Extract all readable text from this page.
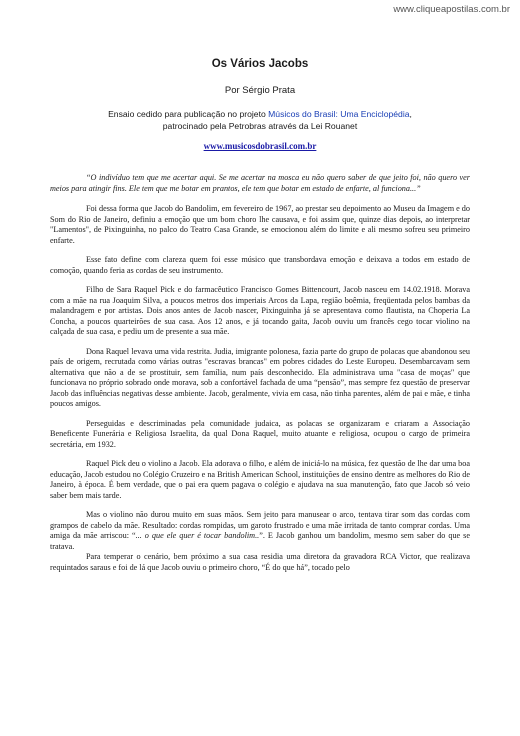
www.cliqueapostilas.com.br
Os Vários Jacobs

Por Sérgio Prata

Ensaio cedido para publicação no projeto Músicos do Brasil: Uma Enciclopédia,
patrocinado pela Petrobras através da Lei Rouanet

www.musicosdobrasil.com.br

“O indivíduo tem que me acertar aqui. Se me acertar na mosca eu não quero saber de que jeito foi, não quero ver meios para atingir fins. Ele tem que me botar em prantos, ele tem que botar em estado de enfarte, al funciona...”

Foi dessa forma que Jacob do Bandolim, em fevereiro de 1967, ao prestar seu depoimento ao Museu da Imagem e do Som do Rio de Janeiro, definiu a emoção que um bom choro lhe causava, e foi assim que, quinze dias depois, ao interpretar "Lamentos", de Pixinguinha, no palco do Teatro Casa Grande, se emocionou além do limite e ali mesmo sofreu seu primeiro enfarte.

Esse fato define com clareza quem foi esse músico que transbordava emoção e deixava a todos em estado de comoção, quando feria as cordas de seu instrumento.

Filho de Sara Raquel Pick e do farmacêutico Francisco Gomes Bittencourt, Jacob nasceu em 14.02.1918. Morava com a mãe na rua Joaquim Silva, a poucos metros dos imperiais Arcos da Lapa, região boêmia, freqüentada pelos bambas da malandragem e por artistas. Dois anos antes de Jacob nascer, Pixinguinha já se apresentava como flautista, na Choperia La Concha, a poucos quarteirões de sua casa. Aos 12 anos, e já tocando gaita, Jacob ouviu um francês cego tocar violino na calçada de sua casa, e pediu um de presente a sua mãe.

Dona Raquel levava uma vida restrita. Judia, imigrante polonesa, fazia parte do grupo de polacas que abandonou seu país de origem, recrutada como várias outras "escravas brancas" em pobres cidades do Leste Europeu. Desembarcavam sem alternativa que não a de se prostituir, sem família, num país desconhecido. Ela administrava uma "casa de moças" que funcionava no próprio sobrado onde morava, sob a confortável fachada de uma “pensão”, mas sempre fez questão de preservar Jacob das influências negativas desse ambiente. Jacob, geralmente, vivia em casa, não tinha parentes, além de pai e mãe, e tinha poucos amigos.

Perseguidas e descriminadas pela comunidade judaica, as polacas se organizaram e criaram a Associação Beneficente Funerária e Religiosa Israelita, da qual Dona Raquel, muito atuante e religiosa, ocupou o cargo de primeira secretária, em 1932.

Raquel Pick deu o violino a Jacob. Ela adorava o filho, e além de iniciá-lo na música, fez questão de lhe dar uma boa educação, Jacob estudou no Colégio Cruzeiro e na British American School, instituições de ensino dentre as melhores do Rio de Janeiro, à época. É bem verdade, que o pai era quem pagava o colégio e ajudava na sua manutenção, fato que Jacob só veio saber bem mais tarde.

Mas o violino não durou muito em suas mãos. Sem jeito para manusear o arco, tentava tirar som das cordas com grampos de cabelo da mãe. Resultado: cordas rompidas, um garoto frustrado e uma mãe irritada de tanto comprar cordas. Uma amiga da mãe arriscou: “... o que ele quer é tocar bandolim..”. E Jacob ganhou um bandolim, mesmo sem saber do que se tratava.

Para temperar o cenário, bem próximo a sua casa residia uma diretora da gravadora RCA Victor, que realizava requintados saraus e foi de lá que Jacob ouviu o primeiro choro, “É do que há”, tocado pelo
